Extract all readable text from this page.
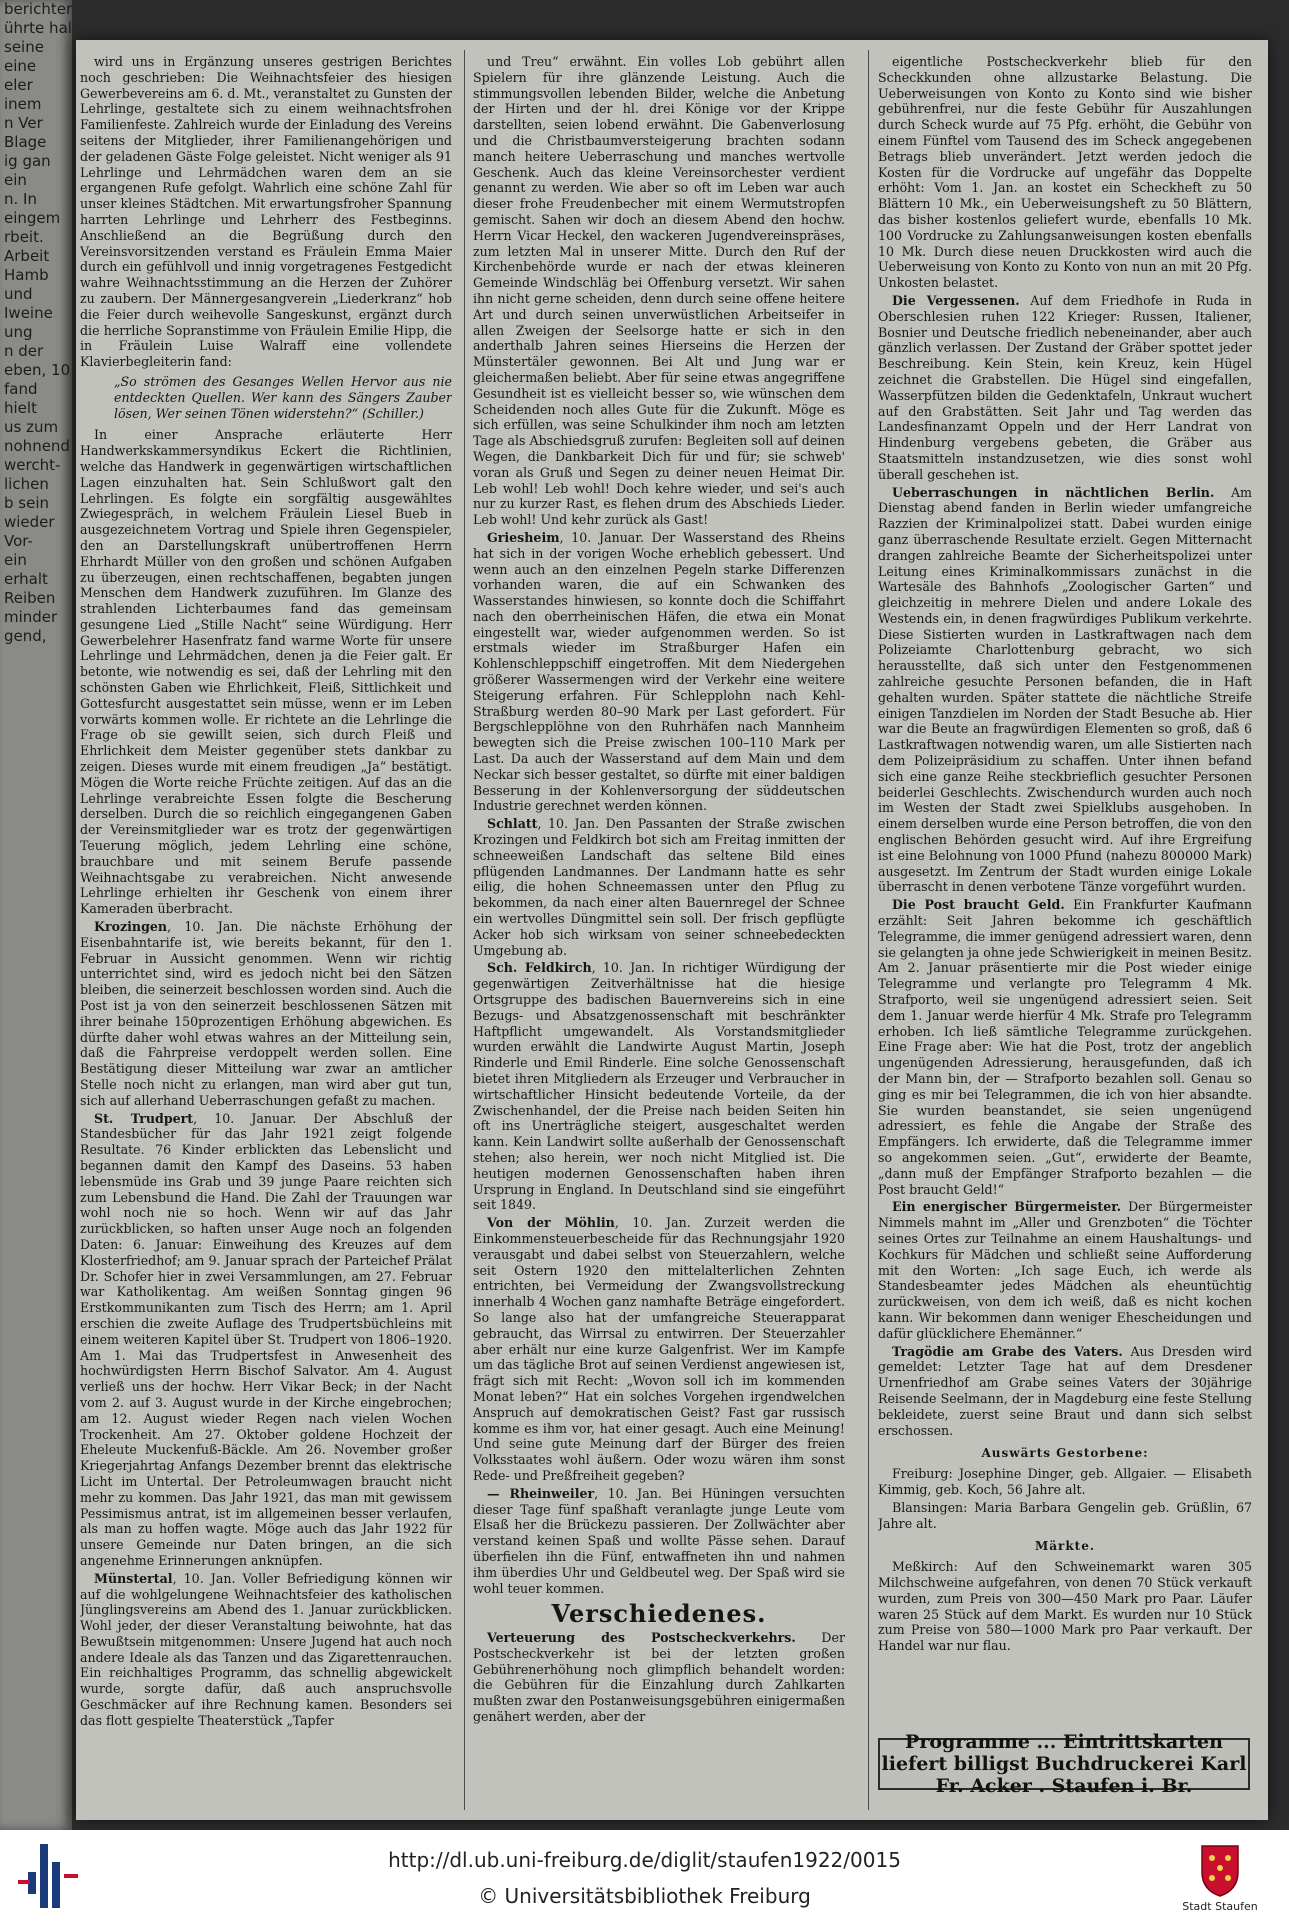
berichter
ührte hal
seine
eine
eler
inem
n Ver
Blage
ig gan
ein
n. In
eingem
rbeit.
Arbeit
Hamb
und
Iweine
ung
n der
eben, 10
fand
hielt
us zum
nohnend
wercht-
lichen
b sein
wieder
Vor-
ein
erhalt
Reiben
minder
gend,

wird uns in Ergänzung unseres gestrigen Berichtes noch geschrieben: Die Weihnachtsfeier des hiesigen Gewerbevereins am 6. d. Mt., veranstaltet zu Gunsten der Lehrlinge, gestaltete sich zu einem weihnachtsfrohen Familienfeste. Zahlreich wurde der Einladung des Vereins seitens der Mitglieder, ihrer Familienangehörigen und der geladenen Gäste Folge geleistet. Nicht weniger als 91 Lehrlinge und Lehrmädchen waren dem an sie ergangenen Rufe gefolgt. Wahrlich eine schöne Zahl für unser kleines Städtchen. Mit erwartungsfroher Spannung harrten Lehrlinge und Lehrherr des Festbeginns. Anschließend an die Begrüßung durch den Vereinsvorsitzenden verstand es Fräulein Emma Maier durch ein gefühlvoll und innig vorgetragenes Festgedicht wahre Weihnachtsstimmung an die Herzen der Zuhörer zu zaubern. Der Männergesangverein „Liederkranz“ hob die Feier durch weihevolle Sangeskunst, ergänzt durch die herrliche Sopranstimme von Fräulein Emilie Hipp, die in Fräulein Luise Walraff eine vollendete Klavierbegleiterin fand:

„So strömen des Gesanges Wellen Hervor aus nie entdeckten Quellen. Wer kann des Sängers Zauber lösen, Wer seinen Tönen widerstehn?“ (Schiller.)

In einer Ansprache erläuterte Herr Handwerkskammersyndikus Eckert die Richtlinien, welche das Handwerk in gegenwärtigen wirtschaftlichen Lagen einzuhalten hat. Sein Schlußwort galt den Lehrlingen. Es folgte ein sorgfältig ausgewähltes Zwiegespräch, in welchem Fräulein Liesel Bueb in ausgezeichnetem Vortrag und Spiele ihren Gegenspieler, den an Darstellungskraft unübertroffenen Herrn Ehrhardt Müller von den großen und schönen Aufgaben zu überzeugen, einen rechtschaffenen, begabten jungen Menschen dem Handwerk zuzuführen. Im Glanze des strahlenden Lichterbaumes fand das gemeinsam gesungene Lied „Stille Nacht“ seine Würdigung. Herr Gewerbelehrer Hasenfratz fand warme Worte für unsere Lehrlinge und Lehrmädchen, denen ja die Feier galt. Er betonte, wie notwendig es sei, daß der Lehrling mit den schönsten Gaben wie Ehrlichkeit, Fleiß, Sittlichkeit und Gottesfurcht ausgestattet sein müsse, wenn er im Leben vorwärts kommen wolle. Er richtete an die Lehrlinge die Frage ob sie gewillt seien, sich durch Fleiß und Ehrlichkeit dem Meister gegenüber stets dankbar zu zeigen. Dieses wurde mit einem freudigen „Ja“ bestätigt. Mögen die Worte reiche Früchte zeitigen. Auf das an die Lehrlinge verabreichte Essen folgte die Bescherung derselben. Durch die so reichlich eingegangenen Gaben der Vereinsmitglieder war es trotz der gegenwärtigen Teuerung möglich, jedem Lehrling eine schöne, brauchbare und mit seinem Berufe passende Weihnachtsgabe zu verabreichen. Nicht anwesende Lehrlinge erhielten ihr Geschenk von einem ihrer Kameraden überbracht.

Krozingen, 10. Jan. Die nächste Erhöhung der Eisenbahntarife ist, wie bereits bekannt, für den 1. Februar in Aussicht genommen. Wenn wir richtig unterrichtet sind, wird es jedoch nicht bei den Sätzen bleiben, die seinerzeit beschlossen worden sind. Auch die Post ist ja von den seinerzeit beschlossenen Sätzen mit ihrer beinahe 150prozentigen Erhöhung abgewichen. Es dürfte daher wohl etwas wahres an der Mitteilung sein, daß die Fahrpreise verdoppelt werden sollen. Eine Bestätigung dieser Mitteilung war zwar an amtlicher Stelle noch nicht zu erlangen, man wird aber gut tun, sich auf allerhand Ueberraschungen gefaßt zu machen.

St. Trudpert, 10. Januar. Der Abschluß der Standesbücher für das Jahr 1921 zeigt folgende Resultate. 76 Kinder erblickten das Lebenslicht und begannen damit den Kampf des Daseins. 53 haben lebensmüde ins Grab und 39 junge Paare reichten sich zum Lebensbund die Hand. Die Zahl der Trauungen war wohl noch nie so hoch. Wenn wir auf das Jahr zurückblicken, so haften unser Auge noch an folgenden Daten: 6. Januar: Einweihung des Kreuzes auf dem Klosterfriedhof; am 9. Januar sprach der Parteichef Prälat Dr. Schofer hier in zwei Versammlungen, am 27. Februar war Katholikentag. Am weißen Sonntag gingen 96 Erstkommunikanten zum Tisch des Herrn; am 1. April erschien die zweite Auflage des Trudpertsbüchleins mit einem weiteren Kapitel über St. Trudpert von 1806–1920. Am 1. Mai das Trudpertsfest in Anwesenheit des hochwürdigsten Herrn Bischof Salvator. Am 4. August verließ uns der hochw. Herr Vikar Beck; in der Nacht vom 2. auf 3. August wurde in der Kirche eingebrochen; am 12. August wieder Regen nach vielen Wochen Trockenheit. Am 27. Oktober goldene Hochzeit der Eheleute Muckenfuß-Bäckle. Am 26. November großer Kriegerjahrtag Anfangs Dezember brennt das elektrische Licht im Untertal. Der Petroleumwagen braucht nicht mehr zu kommen. Das Jahr 1921, das man mit gewissem Pessimismus antrat, ist im allgemeinen besser verlaufen, als man zu hoffen wagte. Möge auch das Jahr 1922 für unsere Gemeinde nur Daten bringen, an die sich angenehme Erinnerungen anknüpfen.

Münstertal, 10. Jan. Voller Befriedigung können wir auf die wohlgelungene Weihnachtsfeier des katholischen Jünglingsvereins am Abend des 1. Januar zurückblicken. Wohl jeder, der dieser Veranstaltung beiwohnte, hat das Bewußtsein mitgenommen: Unsere Jugend hat auch noch andere Ideale als das Tanzen und das Zigarettenrauchen. Ein reichhaltiges Programm, das schnellig abgewickelt wurde, sorgte dafür, daß auch anspruchsvolle Geschmäcker auf ihre Rechnung kamen. Besonders sei das flott gespielte Theaterstück „Tapfer

und Treu“ erwähnt. Ein volles Lob gebührt allen Spielern für ihre glänzende Leistung. Auch die stimmungsvollen lebenden Bilder, welche die Anbetung der Hirten und der hl. drei Könige vor der Krippe darstellten, seien lobend erwähnt. Die Gabenverlosung und die Christbaumversteigerung brachten sodann manch heitere Ueberraschung und manches wertvolle Geschenk. Auch das kleine Vereinsorchester verdient genannt zu werden. Wie aber so oft im Leben war auch dieser frohe Freudenbecher mit einem Wermutstropfen gemischt. Sahen wir doch an diesem Abend den hochw. Herrn Vicar Heckel, den wackeren Jugendvereinspräses, zum letzten Mal in unserer Mitte. Durch den Ruf der Kirchenbehörde wurde er nach der etwas kleineren Gemeinde Windschläg bei Offenburg versetzt. Wir sahen ihn nicht gerne scheiden, denn durch seine offene heitere Art und durch seinen unverwüstlichen Arbeitseifer in allen Zweigen der Seelsorge hatte er sich in den anderthalb Jahren seines Hierseins die Herzen der Münstertäler gewonnen. Bei Alt und Jung war er gleichermaßen beliebt. Aber für seine etwas angegriffene Gesundheit ist es vielleicht besser so, wie wünschen dem Scheidenden noch alles Gute für die Zukunft. Möge es sich erfüllen, was seine Schulkinder ihm noch am letzten Tage als Abschiedsgruß zurufen: Begleiten soll auf deinen Wegen, die Dankbarkeit Dich für und für; sie schweb' voran als Gruß und Segen zu deiner neuen Heimat Dir. Leb wohl! Leb wohl! Doch kehre wieder, und sei's auch nur zu kurzer Rast, es flehen drum des Abschieds Lieder. Leb wohl! Und kehr zurück als Gast!

Griesheim, 10. Januar. Der Wasserstand des Rheins hat sich in der vorigen Woche erheblich gebessert. Und wenn auch an den einzelnen Pegeln starke Differenzen vorhanden waren, die auf ein Schwanken des Wasserstandes hinwiesen, so konnte doch die Schiffahrt nach den oberrheinischen Häfen, die etwa ein Monat eingestellt war, wieder aufgenommen werden. So ist erstmals wieder im Straßburger Hafen ein Kohlenschleppschiff eingetroffen. Mit dem Niedergehen größerer Wassermengen wird der Verkehr eine weitere Steigerung erfahren. Für Schlepplohn nach Kehl-Straßburg werden 80–90 Mark per Last gefordert. Für Bergschlepplöhne von den Ruhrhäfen nach Mannheim bewegten sich die Preise zwischen 100–110 Mark per Last. Da auch der Wasserstand auf dem Main und dem Neckar sich besser gestaltet, so dürfte mit einer baldigen Besserung in der Kohlenversorgung der süddeutschen Industrie gerechnet werden können.

Schlatt, 10. Jan. Den Passanten der Straße zwischen Krozingen und Feldkirch bot sich am Freitag inmitten der schneeweißen Landschaft das seltene Bild eines pflügenden Landmannes. Der Landmann hatte es sehr eilig, die hohen Schneemassen unter den Pflug zu bekommen, da nach einer alten Bauernregel der Schnee ein wertvolles Düngmittel sein soll. Der frisch gepflügte Acker hob sich wirksam von seiner schneebedeckten Umgebung ab.

Sch. Feldkirch, 10. Jan. In richtiger Würdigung der gegenwärtigen Zeitverhältnisse hat die hiesige Ortsgruppe des badischen Bauernvereins sich in eine Bezugs- und Absatzgenossenschaft mit beschränkter Haftpflicht umgewandelt. Als Vorstandsmitglieder wurden erwählt die Landwirte August Martin, Joseph Rinderle und Emil Rinderle. Eine solche Genossenschaft bietet ihren Mitgliedern als Erzeuger und Verbraucher in wirtschaftlicher Hinsicht bedeutende Vorteile, da der Zwischenhandel, der die Preise nach beiden Seiten hin oft ins Unerträgliche steigert, ausgeschaltet werden kann. Kein Landwirt sollte außerhalb der Genossenschaft stehen; also herein, wer noch nicht Mitglied ist. Die heutigen modernen Genossenschaften haben ihren Ursprung in England. In Deutschland sind sie eingeführt seit 1849.

Von der Möhlin, 10. Jan. Zurzeit werden die Einkommensteuerbescheide für das Rechnungsjahr 1920 verausgabt und dabei selbst von Steuerzahlern, welche seit Ostern 1920 den mittelalterlichen Zehnten entrichten, bei Vermeidung der Zwangsvollstreckung innerhalb 4 Wochen ganz namhafte Beträge eingefordert. So lange also hat der umfangreiche Steuerapparat gebraucht, das Wirrsal zu entwirren. Der Steuerzahler aber erhält nur eine kurze Galgenfrist. Wer im Kampfe um das tägliche Brot auf seinen Verdienst angewiesen ist, frägt sich mit Recht: „Wovon soll ich im kommenden Monat leben?“ Hat ein solches Vorgehen irgendwelchen Anspruch auf demokratischen Geist? Fast gar russisch komme es ihm vor, hat einer gesagt. Auch eine Meinung! Und seine gute Meinung darf der Bürger des freien Volksstaates wohl äußern. Oder wozu wären ihm sonst Rede- und Preßfreiheit gegeben?

— Rheinweiler, 10. Jan. Bei Hüningen versuchten dieser Tage fünf spaßhaft veranlagte junge Leute vom Elsaß her die Brückezu passieren. Der Zollwächter aber verstand keinen Spaß und wollte Pässe sehen. Darauf überfielen ihn die Fünf, entwaffneten ihn und nahmen ihm überdies Uhr und Geldbeutel weg. Der Spaß wird sie wohl teuer kommen.

Verschiedenes.

Verteuerung des Postscheckverkehrs. Der Postscheckverkehr ist bei der letzten großen Gebührenerhöhung noch glimpflich behandelt worden: die Gebühren für die Einzahlung durch Zahlkarten mußten zwar den Postanweisungsgebühren einigermaßen genähert werden, aber der

eigentliche Postscheckverkehr blieb für den Scheckkunden ohne allzustarke Belastung. Die Ueberweisungen von Konto zu Konto sind wie bisher gebührenfrei, nur die feste Gebühr für Auszahlungen durch Scheck wurde auf 75 Pfg. erhöht, die Gebühr von einem Fünftel vom Tausend des im Scheck angegebenen Betrags blieb unverändert. Jetzt werden jedoch die Kosten für die Vordrucke auf ungefähr das Doppelte erhöht: Vom 1. Jan. an kostet ein Scheckheft zu 50 Blättern 10 Mk., ein Ueberweisungsheft zu 50 Blättern, das bisher kostenlos geliefert wurde, ebenfalls 10 Mk. 100 Vordrucke zu Zahlungsanweisungen kosten ebenfalls 10 Mk. Durch diese neuen Druckkosten wird auch die Ueberweisung von Konto zu Konto von nun an mit 20 Pfg. Unkosten belastet.

Die Vergessenen. Auf dem Friedhofe in Ruda in Oberschlesien ruhen 122 Krieger: Russen, Italiener, Bosnier und Deutsche friedlich nebeneinander, aber auch gänzlich verlassen. Der Zustand der Gräber spottet jeder Beschreibung. Kein Stein, kein Kreuz, kein Hügel zeichnet die Grabstellen. Die Hügel sind eingefallen, Wasserpfützen bilden die Gedenktafeln, Unkraut wuchert auf den Grabstätten. Seit Jahr und Tag werden das Landesfinanzamt Oppeln und der Herr Landrat von Hindenburg vergebens gebeten, die Gräber aus Staatsmitteln instandzusetzen, wie dies sonst wohl überall geschehen ist.

Ueberraschungen in nächtlichen Berlin. Am Dienstag abend fanden in Berlin wieder umfangreiche Razzien der Kriminalpolizei statt. Dabei wurden einige ganz überraschende Resultate erzielt. Gegen Mitternacht drangen zahlreiche Beamte der Sicherheitspolizei unter Leitung eines Kriminalkommissars zunächst in die Wartesäle des Bahnhofs „Zoologischer Garten“ und gleichzeitig in mehrere Dielen und andere Lokale des Westends ein, in denen fragwürdiges Publikum verkehrte. Diese Sistierten wurden in Lastkraftwagen nach dem Polizeiamte Charlottenburg gebracht, wo sich herausstellte, daß sich unter den Festgenommenen zahlreiche gesuchte Personen befanden, die in Haft gehalten wurden. Später stattete die nächtliche Streife einigen Tanzdielen im Norden der Stadt Besuche ab. Hier war die Beute an fragwürdigen Elementen so groß, daß 6 Lastkraftwagen notwendig waren, um alle Sistierten nach dem Polizeipräsidium zu schaffen. Unter ihnen befand sich eine ganze Reihe steckbrieflich gesuchter Personen beiderlei Geschlechts. Zwischendurch wurden auch noch im Westen der Stadt zwei Spielklubs ausgehoben. In einem derselben wurde eine Person betroffen, die von den englischen Behörden gesucht wird. Auf ihre Ergreifung ist eine Belohnung von 1000 Pfund (nahezu 800000 Mark) ausgesetzt. Im Zentrum der Stadt wurden einige Lokale überrascht in denen verbotene Tänze vorgeführt wurden.

Die Post braucht Geld. Ein Frankfurter Kaufmann erzählt: Seit Jahren bekomme ich geschäftlich Telegramme, die immer genügend adressiert waren, denn sie gelangten ja ohne jede Schwierigkeit in meinen Besitz. Am 2. Januar präsentierte mir die Post wieder einige Telegramme und verlangte pro Telegramm 4 Mk. Strafporto, weil sie ungenügend adressiert seien. Seit dem 1. Januar werde hierfür 4 Mk. Strafe pro Telegramm erhoben. Ich ließ sämtliche Telegramme zurückgehen. Eine Frage aber: Wie hat die Post, trotz der angeblich ungenügenden Adressierung, herausgefunden, daß ich der Mann bin, der — Strafporto bezahlen soll. Genau so ging es mir bei Telegrammen, die ich von hier absandte. Sie wurden beanstandet, sie seien ungenügend adressiert, es fehle die Angabe der Straße des Empfängers. Ich erwiderte, daß die Telegramme immer so angekommen seien. „Gut“, erwiderte der Beamte, „dann muß der Empfänger Strafporto bezahlen — die Post braucht Geld!“

Ein energischer Bürgermeister. Der Bürgermeister Nimmels mahnt im „Aller und Grenzboten“ die Töchter seines Ortes zur Teilnahme an einem Haushaltungs- und Kochkurs für Mädchen und schließt seine Aufforderung mit den Worten: „Ich sage Euch, ich werde als Standesbeamter jedes Mädchen als eheuntüchtig zurückweisen, von dem ich weiß, daß es nicht kochen kann. Wir bekommen dann weniger Ehescheidungen und dafür glücklichere Ehemänner.“

Tragödie am Grabe des Vaters. Aus Dresden wird gemeldet: Letzter Tage hat auf dem Dresdener Urnenfriedhof am Grabe seines Vaters der 30jährige Reisende Seelmann, der in Magdeburg eine feste Stellung bekleidete, zuerst seine Braut und dann sich selbst erschossen.

Auswärts Gestorbene:

Freiburg: Josephine Dinger, geb. Allgaier. — Elisabeth Kimmig, geb. Koch, 56 Jahre alt.

Blansingen: Maria Barbara Gengelin geb. Grüßlin, 67 Jahre alt.

Märkte.

Meßkirch: Auf den Schweinemarkt waren 305 Milchschweine aufgefahren, von denen 70 Stück verkauft wurden, zum Preis von 300—450 Mark pro Paar. Läufer waren 25 Stück auf dem Markt. Es wurden nur 10 Stück zum Preise von 580—1000 Mark pro Paar verkauft. Der Handel war nur flau.

Programme ... Eintrittskarten liefert billigst Buchdruckerei Karl Fr. Acker . Staufen i. Br.
http://dl.ub.uni-freiburg.de/diglit/staufen1922/0015
© Universitätsbibliothek Freiburg	Stadt Staufen
